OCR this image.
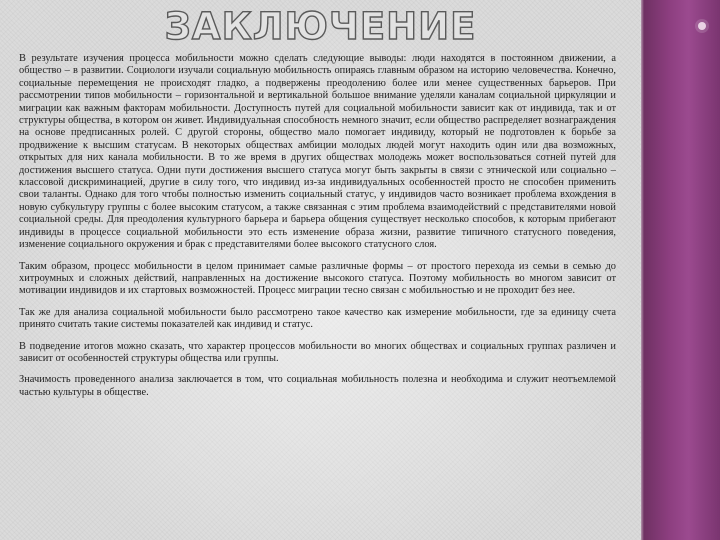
ЗАКЛЮЧЕНИЕ

В результате изучения процесса мобильности можно сделать следующие выводы: люди находятся в постоянном движении, а общество – в развитии. Социологи изучали социальную мобильность опираясь главным образом на историю человечества. Конечно, социальные перемещения не происходят гладко, а подвержены преодолению более или менее существенных барьеров. При рассмотрении типов мобильности – горизонтальной и вертикальной большое внимание уделяли каналам социальной циркуляции и миграции как важным факторам мобильности. Доступность путей для социальной мобильности зависит как от индивида, так и от структуры общества, в котором он живет. Индивидуальная способность немного значит, если общество распределяет вознаграждения на основе предписанных ролей. С другой стороны, общество мало помогает индивиду, который не подготовлен к борьбе за продвижение к высшим статусам. В некоторых обществах амбиции молодых людей могут находить один или два возможных, открытых для них канала мобильности. В то же время в других обществах молодежь может воспользоваться сотней путей для достижения высшего статуса. Одни пути достижения высшего статуса могут быть закрыты в связи с этнической или социально – классовой дискриминацией, другие в силу того, что индивид из-за индивидуальных особенностей просто не способен применить свои таланты. Однако для того чтобы полностью изменить социальный статус, у индивидов часто возникает проблема вхождения в новую субкультуру группы с более высоким статусом, а также связанная с этим проблема взаимодействий с представителями новой социальной среды. Для преодоления культурного барьера и барьера общения существует несколько способов, к которым прибегают индивиды в процессе социальной мобильности это есть изменение образа жизни, развитие типичного статусного поведения, изменение социального окружения и брак с представителями более высокого статусного слоя.

Таким образом, процесс мобильности в целом принимает самые различные формы – от простого перехода из семьи в семью до хитроумных и сложных действий, направленных на достижение высокого статуса. Поэтому мобильность во многом зависит от мотивации индивидов и их стартовых возможностей. Процесс миграции тесно связан с мобильностью и не проходит без нее.

Так же для анализа социальной мобильности было рассмотрено такое качество как измерение мобильности, где за единицу счета принято считать такие системы показателей как индивид и статус.

В подведение итогов можно сказать, что характер процессов мобильности во многих обществах и социальных группах различен и зависит от особенностей структуры общества или группы.

Значимость проведенного анализа заключается в том, что социальная мобильность полезна и необходима и служит неотъемлемой частью культуры в обществе.
